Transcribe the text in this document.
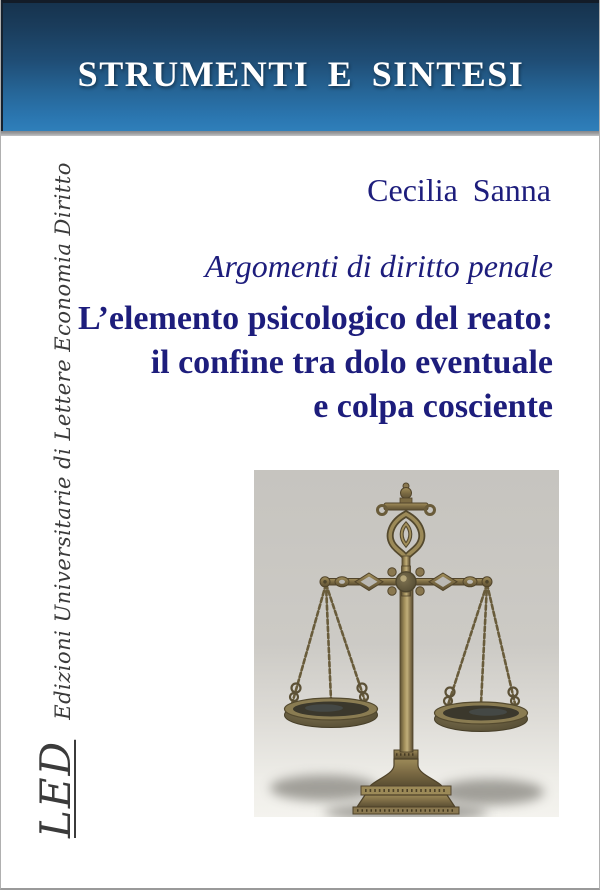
STRUMENTI E SINTESI
Cecilia Sanna
Argomenti di diritto penale
L’elemento psicologico del reato:
il confine tra dolo eventuale
e colpa cosciente
LED
Edizioni Universitarie di Lettere Economia Diritto
